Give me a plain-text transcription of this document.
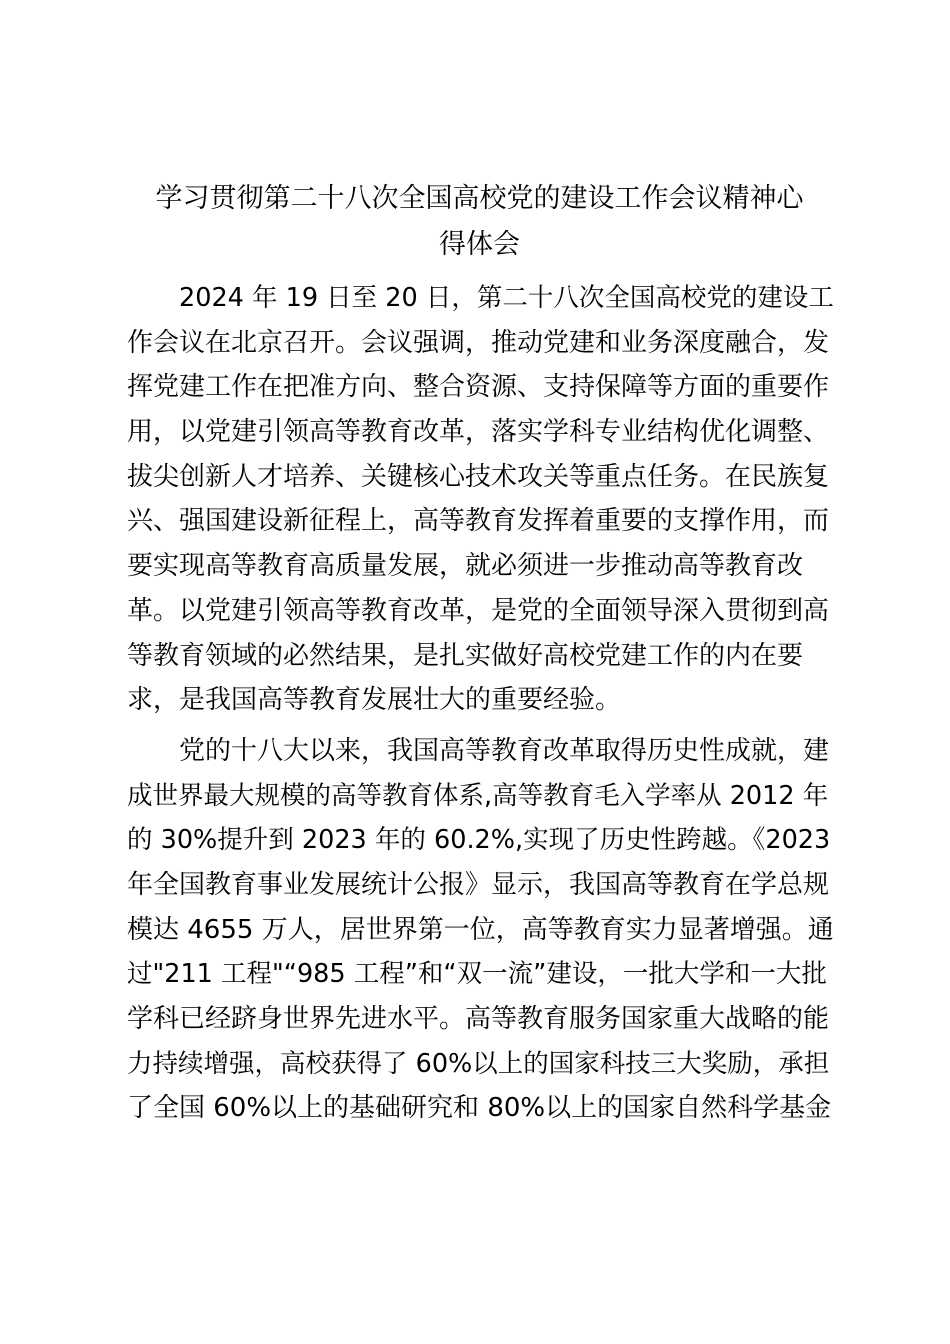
学习贯彻第二十八次全国高校党的建设工作会议精神心
得体会
2024 年 19 日至 20 日，第二十八次全国高校党的建设工
作会议在北京召开。会议强调，推动党建和业务深度融合，发
挥党建工作在把准方向、整合资源、支持保障等方面的重要作
用，以党建引领高等教育改革，落实学科专业结构优化调整、
拔尖创新人才培养、关键核心技术攻关等重点任务。在民族复
兴、强国建设新征程上，高等教育发挥着重要的支撑作用，而
要实现高等教育高质量发展，就必须进一步推动高等教育改
革。以党建引领高等教育改革，是党的全面领导深入贯彻到高
等教育领域的必然结果，是扎实做好高校党建工作的内在要
求，是我国高等教育发展壮大的重要经验。
党的十八大以来，我国高等教育改革取得历史性成就，建
成世界最大规模的高等教育体系,高等教育毛入学率从 2012 年
的 30%提升到 2023 年的 60.2%,实现了历史性跨越。《2023
年全国教育事业发展统计公报》显示，我国高等教育在学总规
模达 4655 万人，居世界第一位，高等教育实力显著增强。通
过"211 工程"“985 工程”和“双一流”建设，一批大学和一大批
学科已经跻身世界先进水平。高等教育服务国家重大战略的能
力持续增强，高校获得了 60%以上的国家科技三大奖励，承担
了全国 60%以上的基础研究和 80%以上的国家自然科学基金
